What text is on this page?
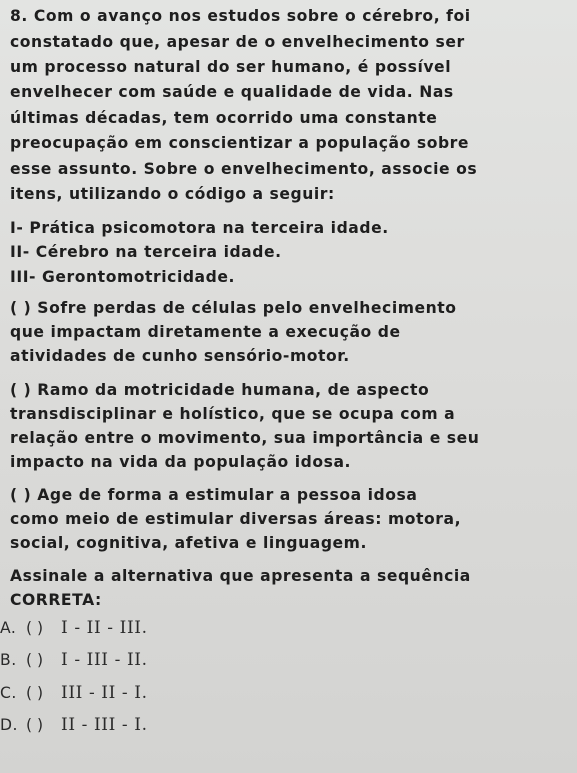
8. Com o avanço nos estudos sobre o cérebro, foi
constatado que, apesar de o envelhecimento ser
um processo natural do ser humano, é possível
envelhecer com saúde e qualidade de vida. Nas
últimas décadas, tem ocorrido uma constante
preocupação em conscientizar a população sobre
esse assunto. Sobre o envelhecimento, associe os
itens, utilizando o código a seguir:
I- Prática psicomotora na terceira idade.
II- Cérebro na terceira idade.
III- Gerontomotricidade.
( ) Sofre perdas de células pelo envelhecimento
que impactam diretamente a execução de
atividades de cunho sensório-motor.
( ) Ramo da motricidade humana, de aspecto
transdisciplinar e holístico, que se ocupa com a
relação entre o movimento, sua importância e seu
impacto na vida da população idosa.
( ) Age de forma a estimular a pessoa idosa
como meio de estimular diversas áreas: motora,
social, cognitiva, afetiva e linguagem.
Assinale a alternativa que apresenta a sequência
CORRETA:
A. ( ) I - II - III.
B. ( ) I - III - II.
C. ( ) III - II - I.
D. ( ) II - III - I.
